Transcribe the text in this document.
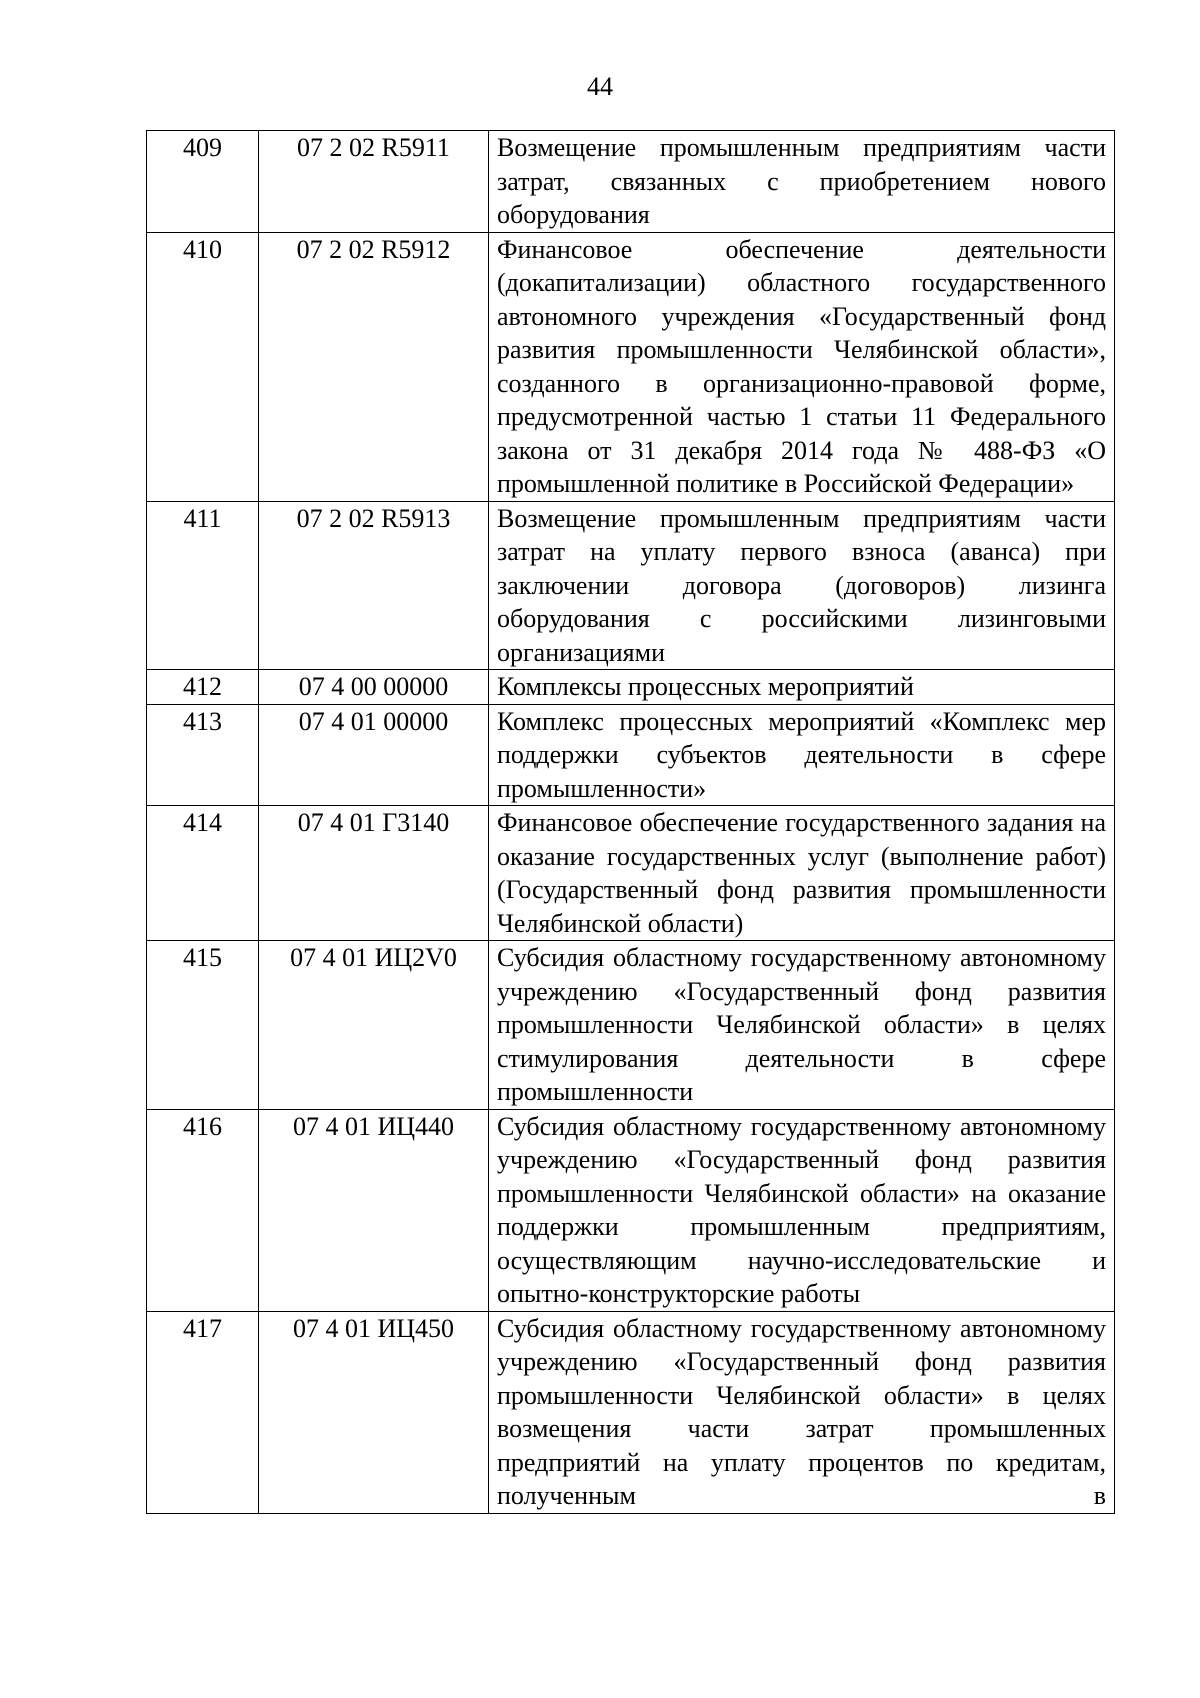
44
409	07 2 02 R5911	Возмещение промышленным предприятиям части затрат, связанных с приобретением нового оборудования
410	07 2 02 R5912	Финансовое обеспечение деятельности (докапитализации) областного государственного автономного учреждения «Государственный фонд развития промышленности Челябинской области», созданного в организационно-правовой форме, предусмотренной частью 1 статьи 11 Федерального закона от 31 декабря 2014 года № 488-ФЗ «О промышленной политике в Российской Федерации»
411	07 2 02 R5913	Возмещение промышленным предприятиям части затрат на уплату первого взноса (аванса) при заключении договора (договоров) лизинга оборудования с российскими лизинговыми организациями
412	07 4 00 00000	Комплексы процессных мероприятий
413	07 4 01 00000	Комплекс процессных мероприятий «Комплекс мер поддержки субъектов деятельности в сфере промышленности»
414	07 4 01 Г3140	Финансовое обеспечение государственного задания на оказание государственных услуг (выполнение работ) (Государственный фонд развития промышленности Челябинской области)
415	07 4 01 ИЦ2V0	Субсидия областному государственному автономному учреждению «Государственный фонд развития промышленности Челябинской области» в целях стимулирования деятельности в сфере промышленности
416	07 4 01 ИЦ440	Субсидия областному государственному автономному учреждению «Государственный фонд развития промышленности Челябинской области» на оказание поддержки промышленным предприятиям, осуществляющим научно-исследовательские и опытно-конструкторские работы
417	07 4 01 ИЦ450	Субсидия областному государственному автономному учреждению «Государственный фонд развития промышленности Челябинской области» в целях возмещения части затрат промышленных предприятий на уплату процентов по кредитам, полученным в
